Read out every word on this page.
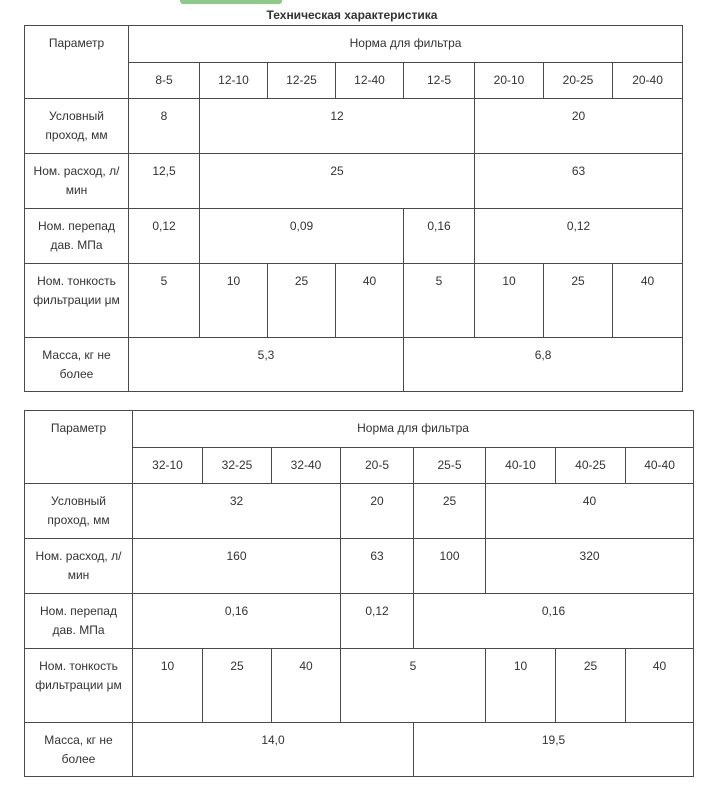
Техническая характеристика
Параметр	Норма для фильтра							
	8-5	12-10	12-25	12-40	12-5	20-10	20-25	20-40
Условный проход, мм	8	12				20		
Ном. расход, л/мин	12,5	25				63		
Ном. перепад дав. МПа	0,12	0,09			0,16	0,12		
Ном. тонкость фильтрации μм	5	10	25	40	5	10	25	40
Масса, кг не более	5,3				6,8			
Параметр	Норма для фильтра							
	32-10	32-25	32-40	20-5	25-5	40-10	40-25	40-40
Условный проход, мм	32			20	25	40		
Ном. расход, л/мин	160			63	100	320		
Ном. перепад дав. МПа	0,16			0,12	0,16			
Ном. тонкость фильтрации μм	10	25	40	5		10	25	40
Масса, кг не более	14,0				19,5			
